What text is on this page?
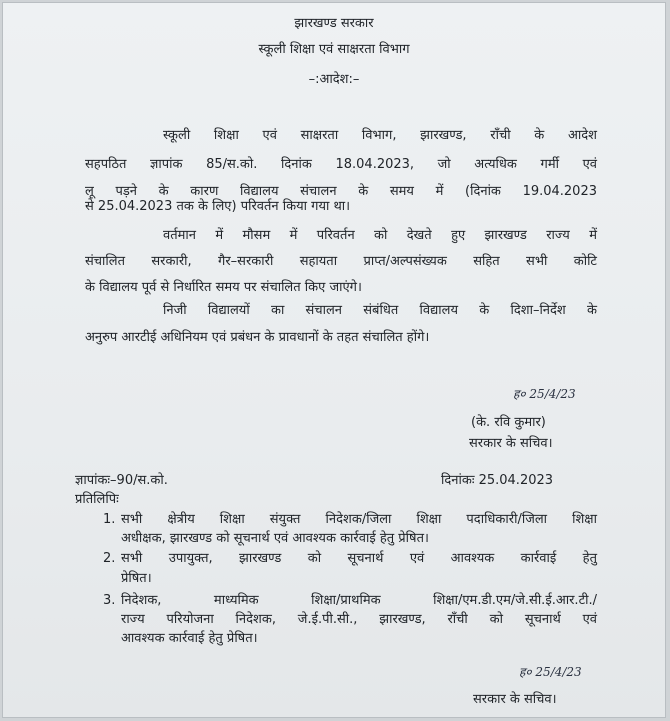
झारखण्ड सरकार
स्कूली शिक्षा एवं साक्षरता विभाग
–:आदेश:–
स्कूली शिक्षा एवं साक्षरता विभाग, झारखण्ड, राँची के आदेश
सहपठित ज्ञापांक 85/स.को. दिनांक 18.04.2023, जो अत्यधिक गर्मी एवं
लू पड़ने के कारण विद्यालय संचालन के समय में (दिनांक 19.04.2023
से 25.04.2023 तक के लिए) परिवर्तन किया गया था।
वर्तमान में मौसम में परिवर्तन को देखते हुए झारखण्ड राज्य में
संचालित सरकारी, गैर–सरकारी सहायता प्राप्त/अल्पसंख्यक सहित सभी कोटि
के विद्यालय पूर्व से निर्धारित समय पर संचालित किए जाएंगे।
निजी विद्यालयों का संचालन संबंधित विद्यालय के दिशा–निर्देश के
अनुरुप आरटीई अधिनियम एवं प्रबंधन के प्रावधानों के तहत संचालित होंगे।
ह० 25/4/23
(के. रवि कुमार)
सरकार के सचिव।
ज्ञापांकः–90/स.को.	दिनांकः 25.04.2023
प्रतिलिपिः
1. सभी क्षेत्रीय शिक्षा संयुक्त निदेशक/जिला शिक्षा पदाधिकारी/जिला शिक्षा
अधीक्षक, झारखण्ड को सूचनार्थ एवं आवश्यक कार्रवाई हेतु प्रेषित।
2. सभी उपायुक्त, झारखण्ड को सूचनार्थ एवं आवश्यक कार्रवाई हेतु
प्रेषित।
3. निदेशक, माध्यमिक शिक्षा/प्राथमिक शिक्षा/एम.डी.एम/जे.सी.ई.आर.टी./
राज्य परियोजना निदेशक, जे.ई.पी.सी., झारखण्ड, राँची को सूचनार्थ एवं
आवश्यक कार्रवाई हेतु प्रेषित।
ह० 25/4/23
सरकार के सचिव।
